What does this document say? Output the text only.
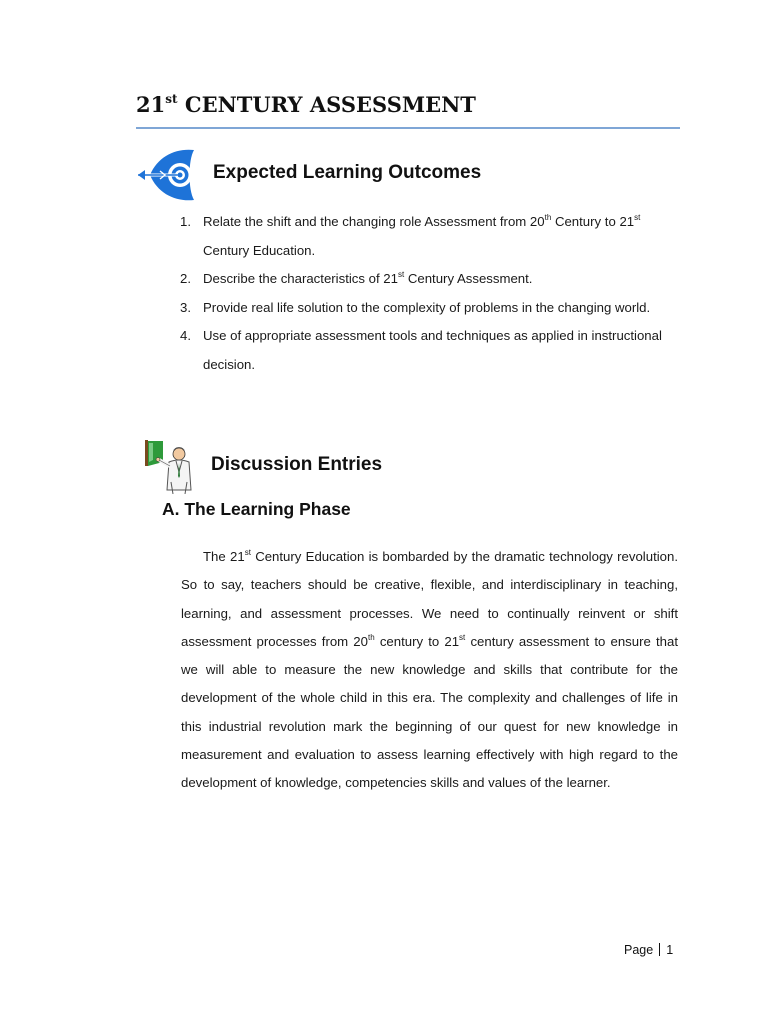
21st CENTURY ASSESSMENT
Expected Learning Outcomes
1. Relate the shift and the changing role Assessment from 20th Century to 21st Century Education.
2. Describe the characteristics of 21st Century Assessment.
3. Provide real life solution to the complexity of problems in the changing world.
4. Use of appropriate assessment tools and techniques as applied in instructional decision.
Discussion Entries
A. The Learning Phase

The 21st Century Education is bombarded by the dramatic technology revolution. So to say, teachers should be creative, flexible, and interdisciplinary in teaching, learning, and assessment processes. We need to continually reinvent or shift assessment processes from 20th century to 21st century assessment to ensure that we will able to measure the new knowledge and skills that contribute for the development of the whole child in this era. The complexity and challenges of life in this industrial revolution mark the beginning of our quest for new knowledge in measurement and evaluation to assess learning effectively with high regard to the development of knowledge, competencies skills and values of the learner.

Page 1
